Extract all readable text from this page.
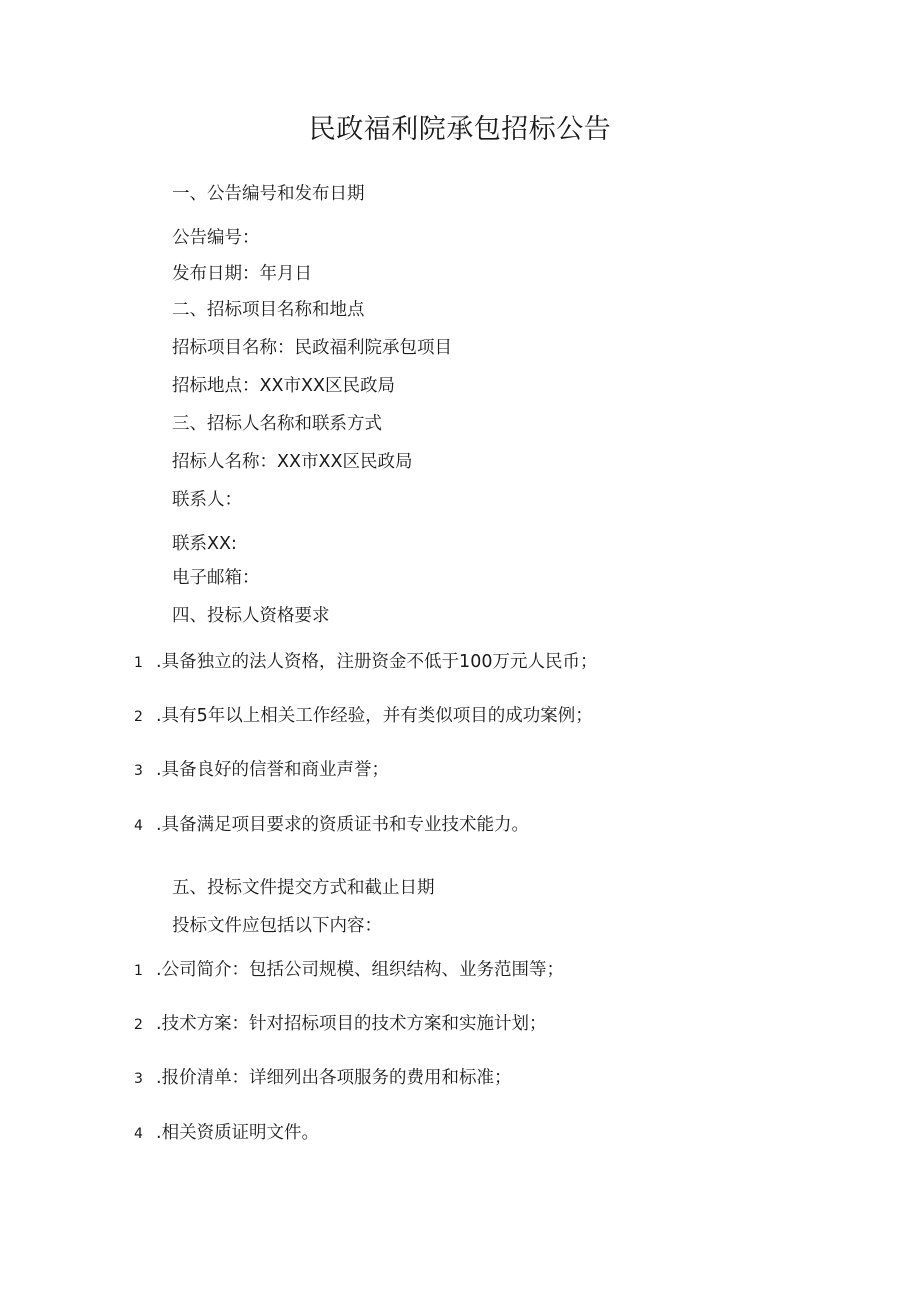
民政福利院承包招标公告
一、公告编号和发布日期
公告编号：
发布日期：年月日
二、招标项目名称和地点
招标项目名称：民政福利院承包项目
招标地点：XX市XX区民政局
三、招标人名称和联系方式
招标人名称：XX市XX区民政局
联系人：
联系XX:
电子邮箱：
四、投标人资格要求
1 .具备独立的法人资格，注册资金不低于100万元人民币；
2 .具有5年以上相关工作经验，并有类似项目的成功案例；
3 .具备良好的信誉和商业声誉；
4 .具备满足项目要求的资质证书和专业技术能力。
五、投标文件提交方式和截止日期
投标文件应包括以下内容：
1 .公司简介：包括公司规模、组织结构、业务范围等；
2 .技术方案：针对招标项目的技术方案和实施计划；
3 .报价清单：详细列出各项服务的费用和标准；
4 .相关资质证明文件。
